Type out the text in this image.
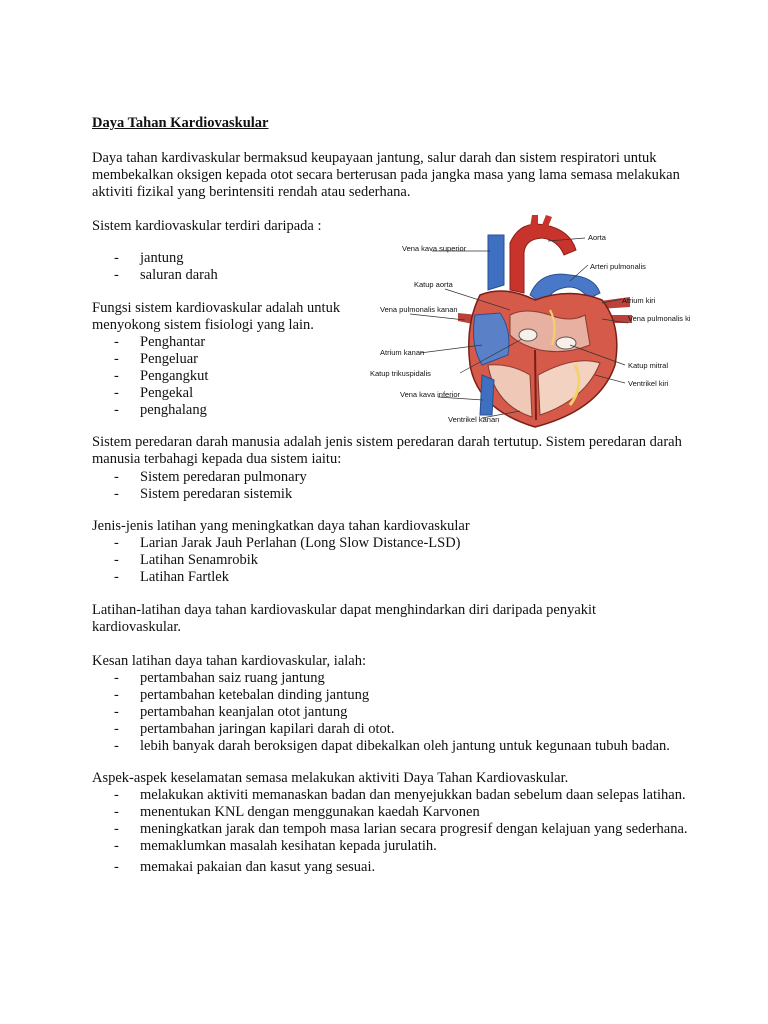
Daya Tahan Kardiovaskular

Daya tahan kardivaskular bermaksud keupayaan jantung, salur darah dan sistem respiratori untuk membekalkan oksigen kepada otot secara berterusan pada jangka masa yang lama semasa melakukan aktiviti fizikal yang berintensiti rendah atau sederhana.

Sistem kardiovaskular terdiri daripada :

- jantung
- saluran darah

Fungsi sistem kardiovaskular adalah untuk menyokong sistem fisiologi yang lain.

- Penghantar
- Pengeluar
- Pengangkut
- Pengekal
- penghalang

Sistem peredaran darah manusia adalah jenis sistem peredaran darah tertutup. Sistem peredaran darah manusia terbahagi kepada dua sistem iaitu:

- Sistem peredaran pulmonary
- Sistem peredaran sistemik

Jenis-jenis latihan yang meningkatkan daya tahan kardiovaskular

- Larian Jarak Jauh Perlahan (Long Slow Distance-LSD)
- Latihan Senamrobik
- Latihan Fartlek

Latihan-latihan daya tahan kardiovaskular dapat menghindarkan diri daripada penyakit kardiovaskular.

Kesan latihan daya tahan kardiovaskular, ialah:

- pertambahan saiz ruang jantung
- pertambahan ketebalan dinding jantung
- pertambahan keanjalan otot jantung
- pertambahan jaringan kapilari darah di otot.
- lebih banyak darah beroksigen dapat dibekalkan oleh jantung untuk kegunaan tubuh badan.

Aspek-aspek keselamatan semasa melakukan aktiviti Daya Tahan Kardiovaskular.

- melakukan aktiviti memanaskan badan dan menyejukkan badan sebelum daan selepas latihan.
- menentukan KNL dengan menggunakan kaedah Karvonen
- meningkatkan jarak dan tempoh masa larian secara progresif dengan kelajuan yang sederhana.
- memaklumkan masalah kesihatan kepada jurulatih.
- memakai pakaian dan kasut yang sesuai.
Vena kava superior
Aorta
Arteri pulmonalis
Katup aorta
Atrium kiri
Vena pulmonalis kanan
Vena pulmonalis kiri
Atrium kanan
Katup mitral
Katup trikuspidalis
Ventrikel kiri
Vena kava inferior
Ventrikel kanan
